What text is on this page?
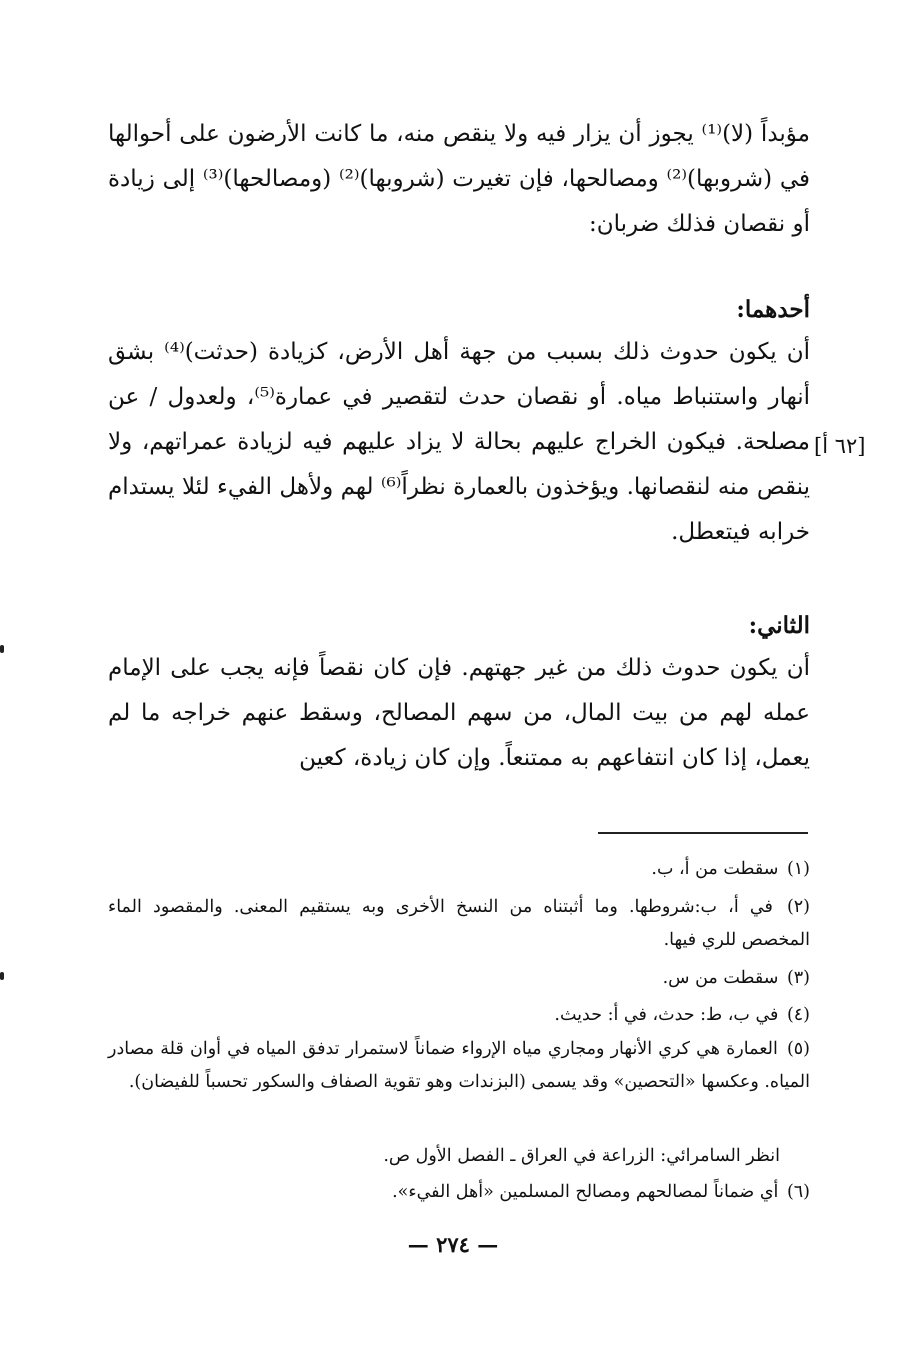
مؤبداً (لا)⁽¹⁾ يجوز أن يزار فيه ولا ينقص منه، ما كانت الأرضون على أحوالها في (شروبها)⁽²⁾ ومصالحها، فإن تغيرت (شروبها)⁽²⁾ (ومصالحها)⁽³⁾ إلى زيادة أو نقصان فذلك ضربان:

أحدهما:

أن يكون حدوث ذلك بسبب من جهة أهل الأرض، كزيادة (حدثت)⁽⁴⁾ بشق أنهار واستنباط مياه. أو نقصان حدث لتقصير في عمارة⁽⁵⁾، ولعدول / عن مصلحة. فيكون الخراج عليهم بحالة لا يزاد عليهم فيه لزيادة عمراتهم، ولا ينقص منه لنقصانها. ويؤخذون بالعمارة نظراً⁽⁶⁾ لهم ولأهل الفيء لئلا يستدام خرابه فيتعطل.

[٦٢ أ]

الثاني:

أن يكون حدوث ذلك من غير جهتهم. فإن كان نقصاً فإنه يجب على الإمام عمله لهم من بيت المال، من سهم المصالح، وسقط عنهم خراجه ما لم يعمل، إذا كان انتفاعهم به ممتنعاً. وإن كان زيادة، كعين

(١) سقطت من أ، ب.

(٢) في أ، ب:شروطها. وما أثبتناه من النسخ الأخرى وبه يستقيم المعنى. والمقصود الماء المخصص للري فيها.

(٣) سقطت من س.

(٤) في ب، ط: حدث، في أ: حديث.

(٥) العمارة هي كري الأنهار ومجاري مياه الإرواء ضماناً لاستمرار تدفق المياه في أوان قلة مصادر المياه. وعكسها «التحصين» وقد يسمى (البزندات وهو تقوية الصفاف والسكور تحسباً للفيضان).

انظر السامرائي: الزراعة في العراق ـ الفصل الأول ص.

(٦) أي ضماناً لمصالحهم ومصالح المسلمين «أهل الفيء».

— ٢٧٤ —
